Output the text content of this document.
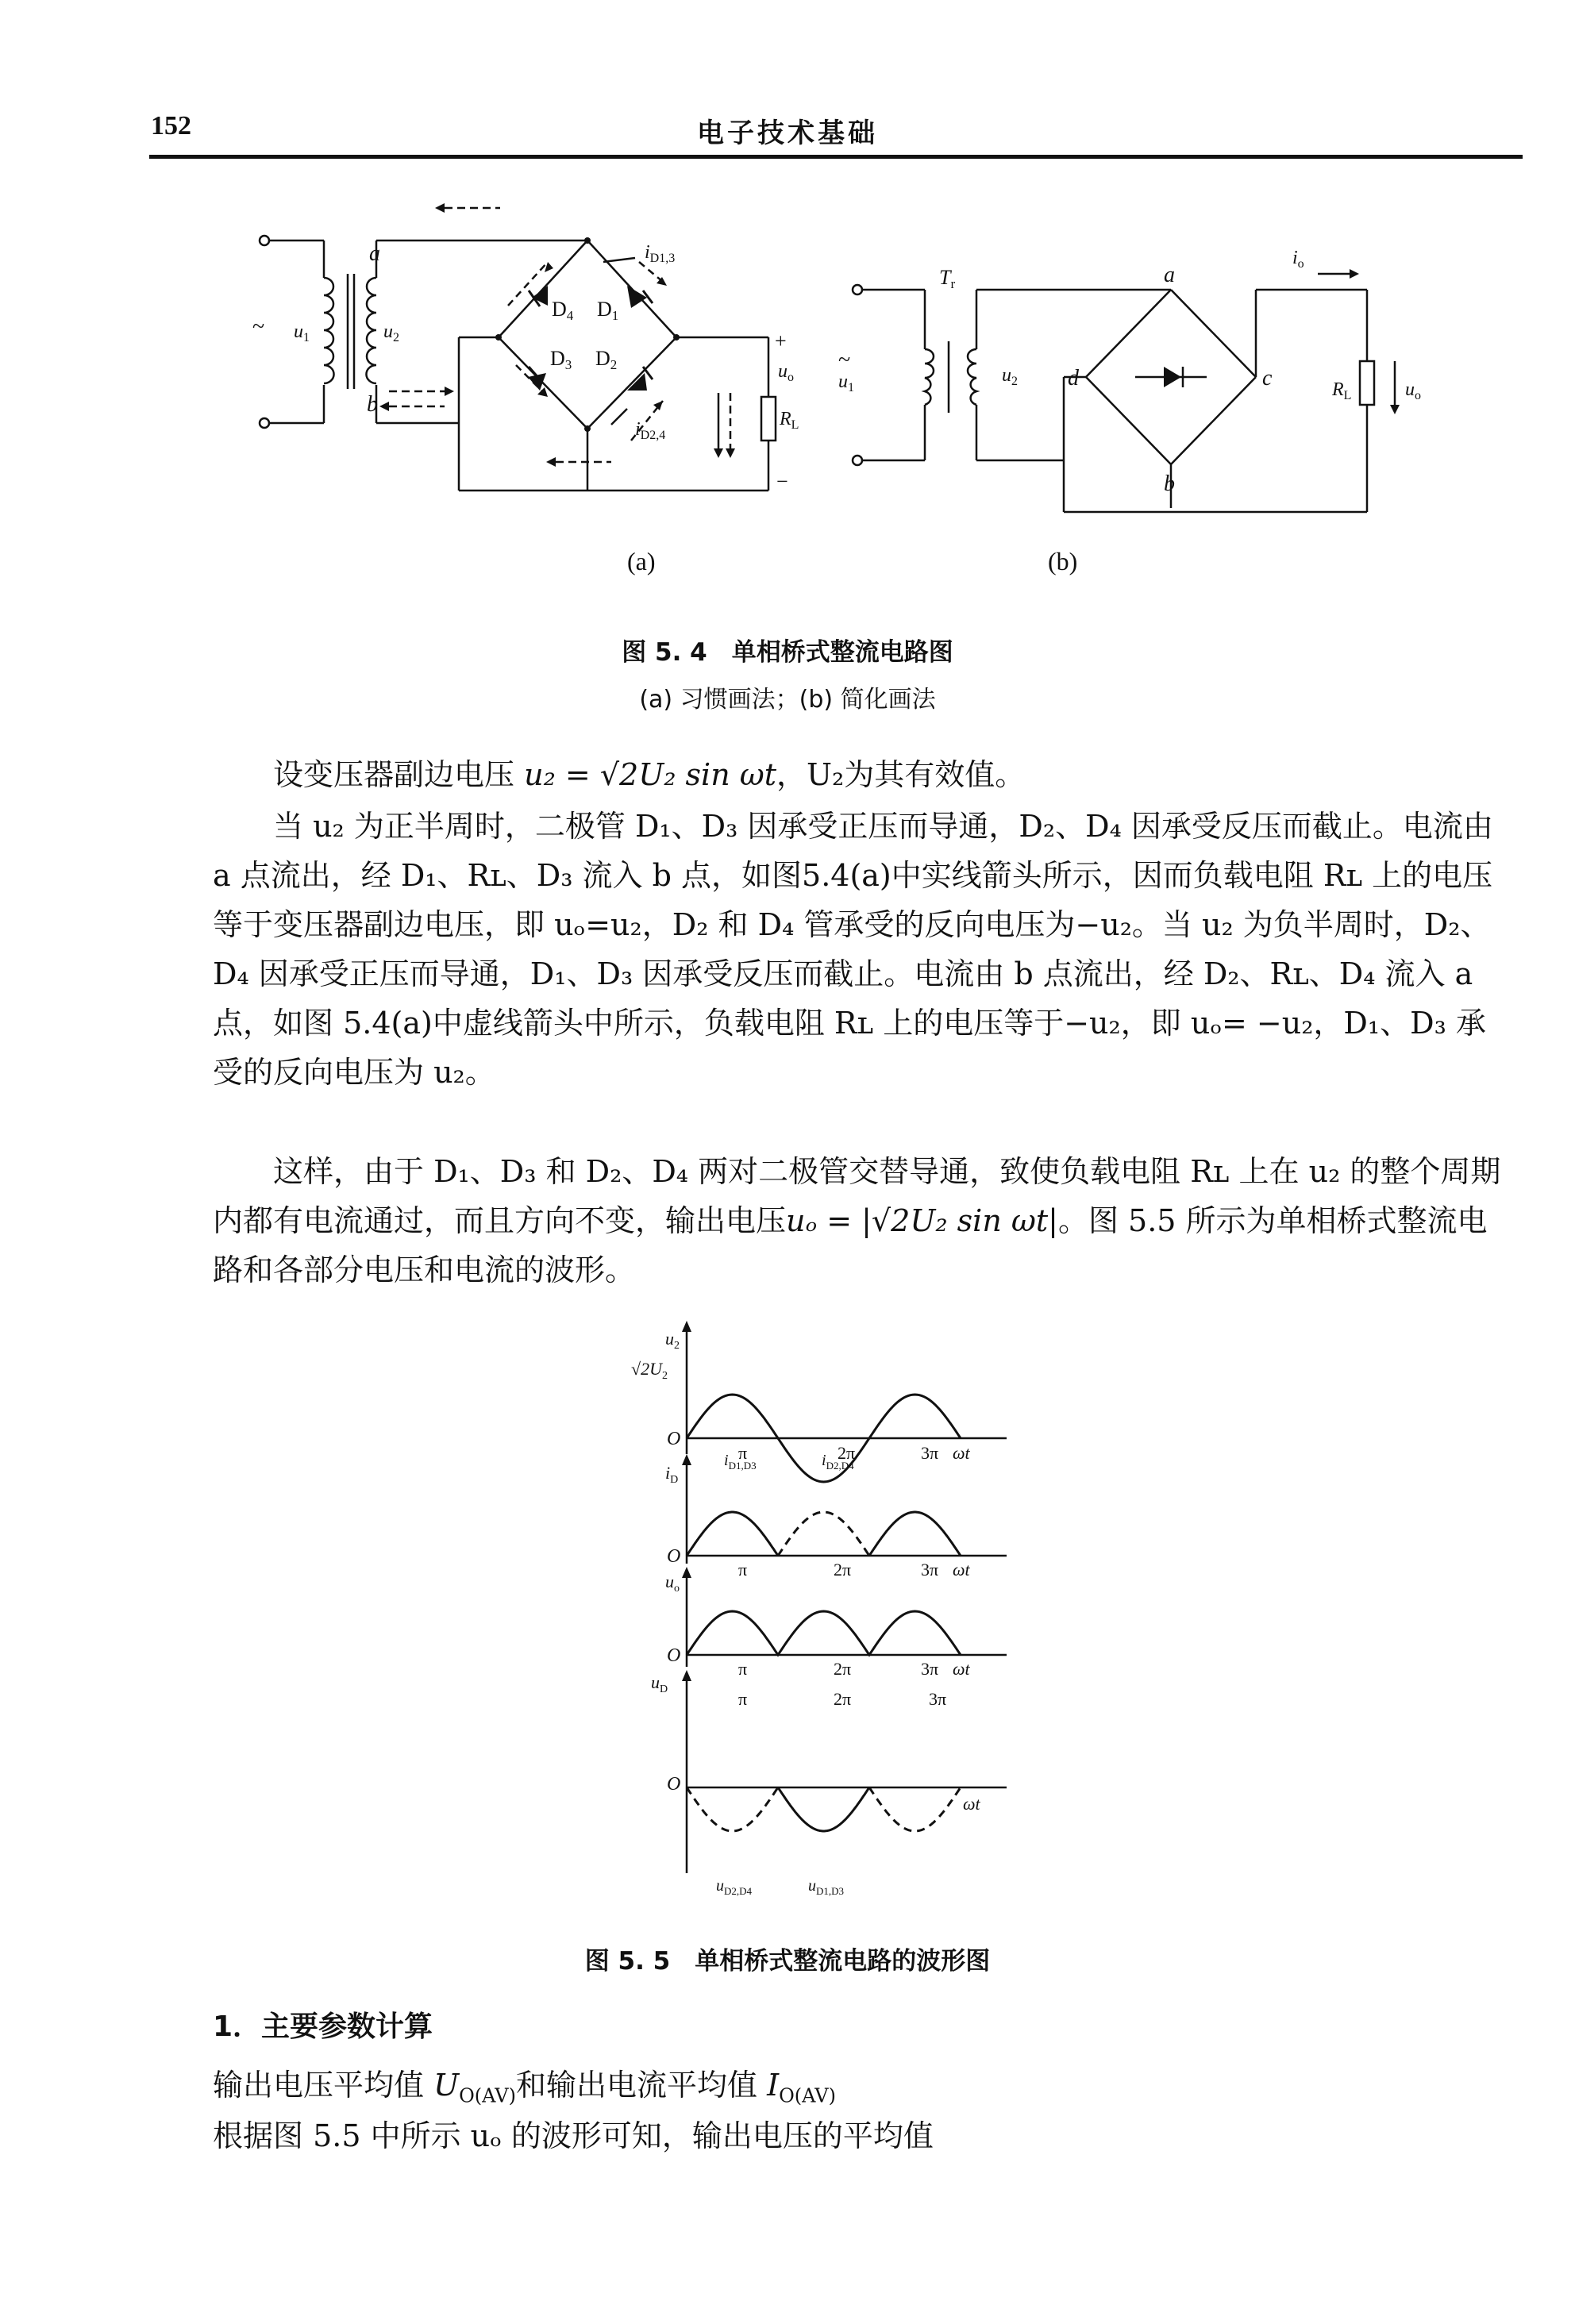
152	电子技术基础
a
b
~ $u_1$	$u_2$
D4 D1
D3 D2
$i_{D1,3}$
$i_{D2,4}$
+
−
$u_o$
$R_L$
Tr
~
$u_1$
$u_2$
a
b
c
d
$i_o$
$R_L$	$u_o$
(a)	(b)
图 5. 4　单相桥式整流电路图
(a) 习惯画法；(b) 简化画法
设变压器副边电压 u₂ = √2U₂ sin ωt，U₂为其有效值。
当 u₂ 为正半周时，二极管 D₁、D₃ 因承受正压而导通，D₂、D₄ 因承受反压而截止。电流由 a 点流出，经 D₁、Rʟ、D₃ 流入 b 点，如图5.4(a)中实线箭头所示，因而负载电阻 Rʟ 上的电压等于变压器副边电压，即 uₒ=u₂，D₂ 和 D₄ 管承受的反向电压为−u₂。当 u₂ 为负半周时，D₂、D₄ 因承受正压而导通，D₁、D₃ 因承受反压而截止。电流由 b 点流出，经 D₂、Rʟ、D₄ 流入 a 点，如图 5.4(a)中虚线箭头中所示，负载电阻 Rʟ 上的电压等于−u₂，即 uₒ= −u₂，D₁、D₃ 承受的反向电压为 u₂。
这样，由于 D₁、D₃ 和 D₂、D₄ 两对二极管交替导通，致使负载电阻 Rʟ 上在 u₂ 的整个周期内都有电流通过，而且方向不变，输出电压uₒ = |√2U₂ sin ωt|。图 5.5 所示为单相桥式整流电路和各部分电压和电流的波形。
$u_2$
$√2U_2$
O
π	2π	3π ωt
$i_D$
$i_{D1,D3}$	$i_{D2,D4}$
O
π	2π	3π ωt
$u_o$
O
π	2π	3π ωt
$u_D$
O
π	2π	3π
ωt
$u_{D2,D4}$	$u_{D1,D3}$
图 5. 5　单相桥式整流电路的波形图
1．主要参数计算
输出电压平均值 $U_{O(AV)}$和输出电流平均值 $I_{O(AV)}$
根据图 5.5 中所示 uₒ 的波形可知，输出电压的平均值
